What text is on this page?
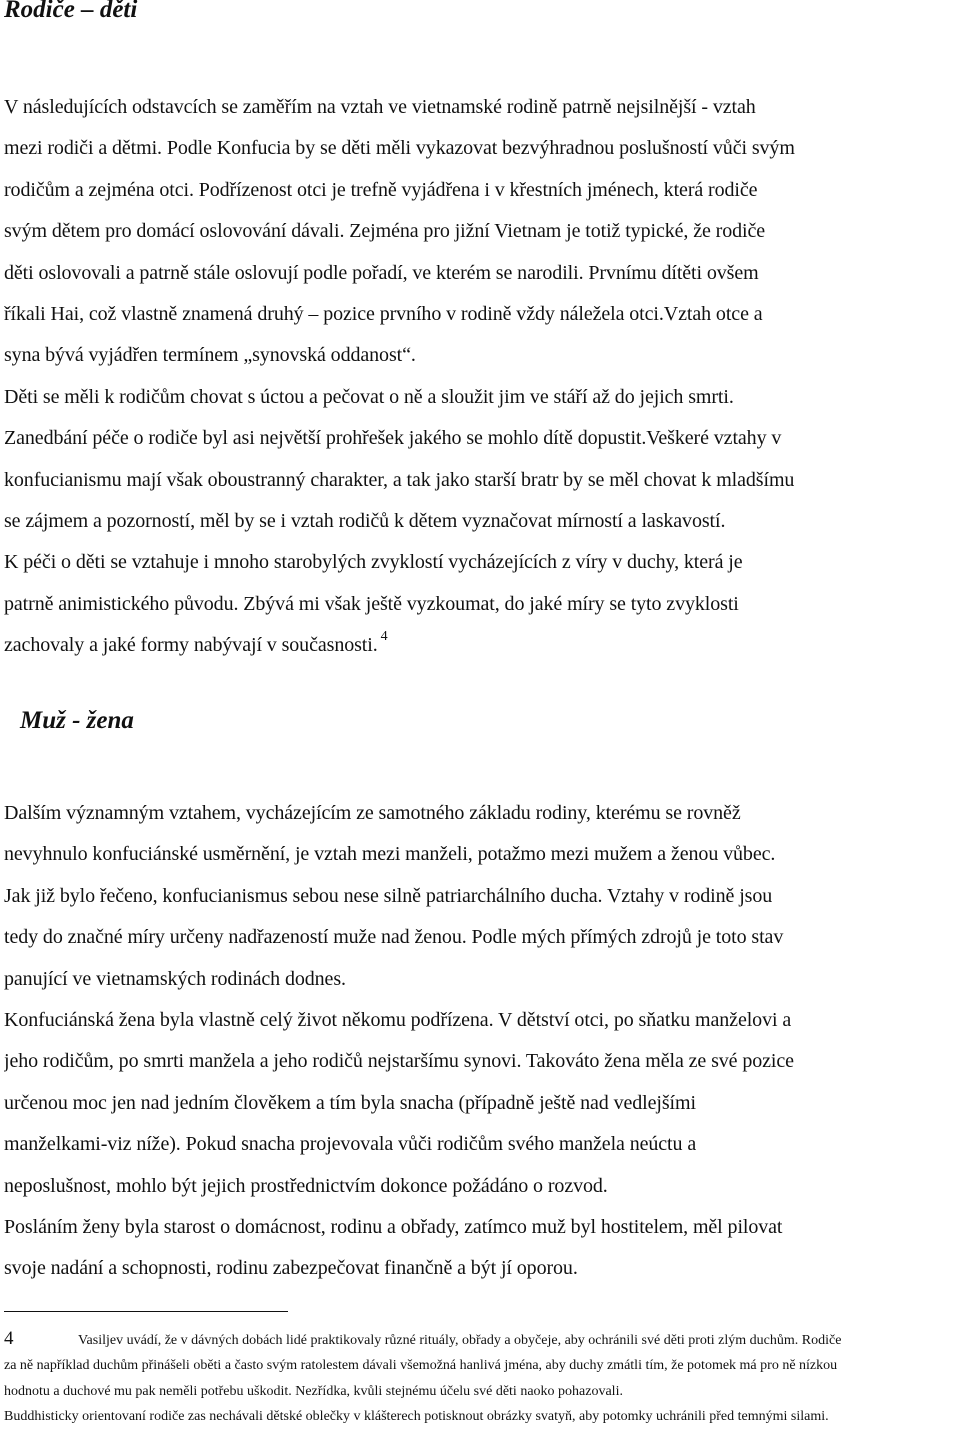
Rodiče – děti
V následujících odstavcích se zaměřím na vztah ve vietnamské rodině patrně nejsilnější - vztah
mezi rodiči a dětmi. Podle Konfucia by se děti měli vykazovat bezvýhradnou poslušností vůči svým
rodičům a zejména otci. Podřízenost otci je trefně vyjádřena i v křestních jménech, která rodiče
svým dětem pro domácí oslovování dávali. Zejména pro jižní Vietnam je totiž typické, že rodiče
děti oslovovali a patrně stále oslovují podle pořadí, ve kterém se narodili. Prvnímu dítěti ovšem
říkali Hai, což vlastně znamená druhý – pozice prvního v rodině vždy náležela otci.Vztah otce a
syna bývá vyjádřen termínem „synovská oddanost“.
Děti se měli k rodičům chovat s úctou a pečovat o ně a sloužit jim ve stáří až do jejich smrti.
Zanedbání péče o rodiče byl asi největší prohřešek jakého se mohlo dítě dopustit.Veškeré vztahy v
konfucianismu mají však oboustranný charakter, a tak jako starší bratr by se měl chovat k mladšímu
se zájmem a pozorností, měl by se i vztah rodičů k dětem vyznačovat mírností a laskavostí.
K péči o děti se vztahuje i mnoho starobylých zvyklostí vycházejících z víry v duchy, která je
patrně animistického původu. Zbývá mi však ještě vyzkoumat, do jaké míry se tyto zvyklosti
zachovaly a jaké formy nabývají v současnosti. $^4$
Muž - žena
Dalším významným vztahem, vycházejícím ze samotného základu rodiny, kterému se rovněž
nevyhnulo konfuciánské usměrnění, je vztah mezi manželi, potažmo mezi mužem a ženou vůbec.
Jak již bylo řečeno, konfucianismus sebou nese silně patriarchálního ducha. Vztahy v rodině jsou
tedy do značné míry určeny nadřazeností muže nad ženou. Podle mých přímých zdrojů je toto stav
panující ve vietnamských rodinách dodnes.
Konfuciánská žena byla vlastně celý život někomu podřízena. V dětství otci, po sňatku manželovi a
jeho rodičům, po smrti manžela a jeho rodičů nejstaršímu synovi. Takováto žena měla ze své pozice
určenou moc jen nad jedním člověkem a tím byla snacha (případně ještě nad vedlejšími
manželkami-viz níže). Pokud snacha projevovala vůči rodičům svého manžela neúctu a
neposlušnost, mohlo být jejich prostřednictvím dokonce požádáno o rozvod.
Posláním ženy byla starost o domácnost, rodinu a obřady, zatímco muž byl hostitelem, měl pilovat
svoje nadání a schopnosti, rodinu zabezpečovat finančně a být jí oporou.
4	Vasiljev uvádí, že v dávných dobách lidé praktikovaly různé rituály, obřady a obyčeje, aby ochránili své děti proti zlým duchům. Rodiče
za ně například duchům přinášeli oběti a často svým ratolestem dávali všemožná hanlivá jména, aby duchy zmátli tím, že potomek má pro ně nízkou
hodnotu a duchové mu pak neměli potřebu uškodit. Nezřídka, kvůli stejnému účelu své děti naoko pohazovali.
Buddhisticky orientovaní rodiče zas nechávali dětské oblečky v klášterech potisknout obrázky svatyň, aby potomky uchránili před temnými silami.
